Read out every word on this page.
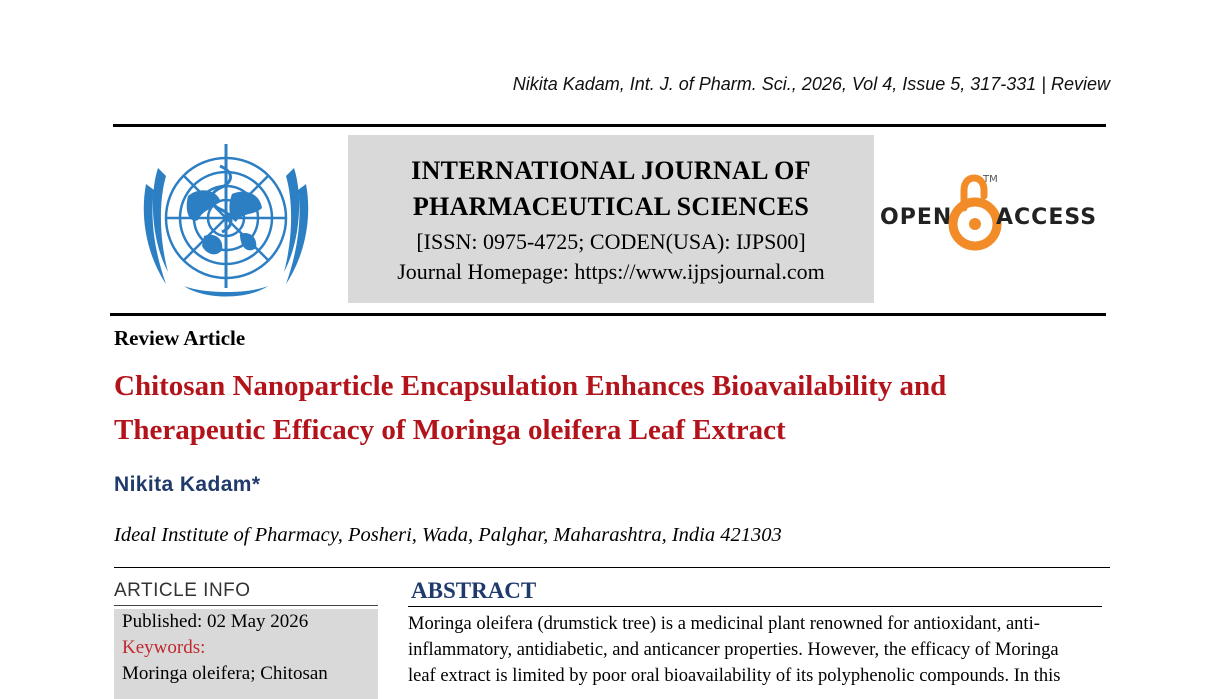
Nikita Kadam, Int. J. of Pharm. Sci., 2026, Vol 4, Issue 5, 317-331 | Review
INTERNATIONAL JOURNAL OF
PHARMACEUTICAL SCIENCES
[ISSN: 0975-4725; CODEN(USA): IJPS00]
Journal Homepage: https://www.ijpsjournal.com
OPEN ACCESS
TM
Review Article
Chitosan Nanoparticle Encapsulation Enhances Bioavailability and
Therapeutic Efficacy of Moringa oleifera Leaf Extract
Nikita Kadam*
Ideal Institute of Pharmacy, Posheri, Wada, Palghar, Maharashtra, India 421303
ARTICLE INFO
Published: 02 May 2026
Keywords:
Moringa oleifera; Chitosan
ABSTRACT
Moringa oleifera (drumstick tree) is a medicinal plant renowned for antioxidant, anti-
inflammatory, antidiabetic, and anticancer properties. However, the efficacy of Moringa
leaf extract is limited by poor oral bioavailability of its polyphenolic compounds. In this
